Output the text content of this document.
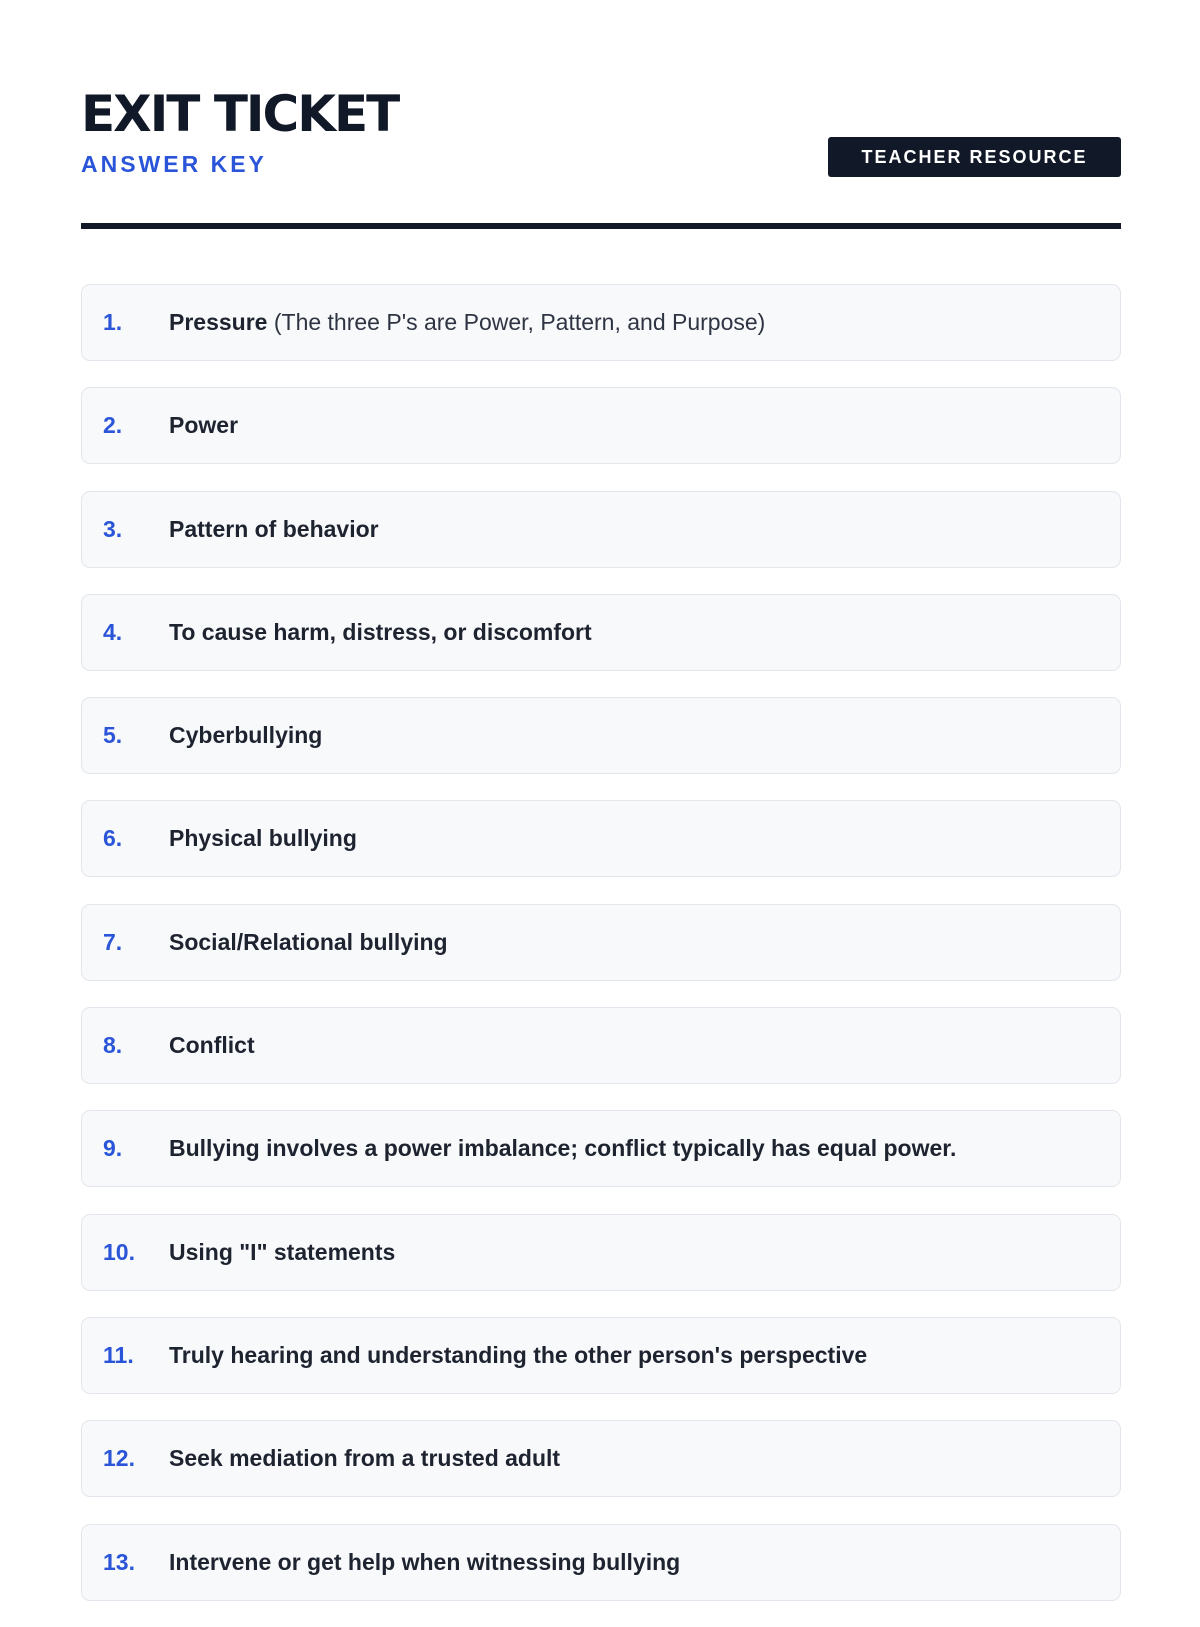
EXIT TICKET
ANSWER KEY	TEACHER RESOURCE
1. Pressure (The three P's are Power, Pattern, and Purpose)
2. Power
3. Pattern of behavior
4. To cause harm, distress, or discomfort
5. Cyberbullying
6. Physical bullying
7. Social/Relational bullying
8. Conflict
9. Bullying involves a power imbalance; conflict typically has equal power.
10. Using "I" statements
11. Truly hearing and understanding the other person's perspective
12. Seek mediation from a trusted adult
13. Intervene or get help when witnessing bullying
